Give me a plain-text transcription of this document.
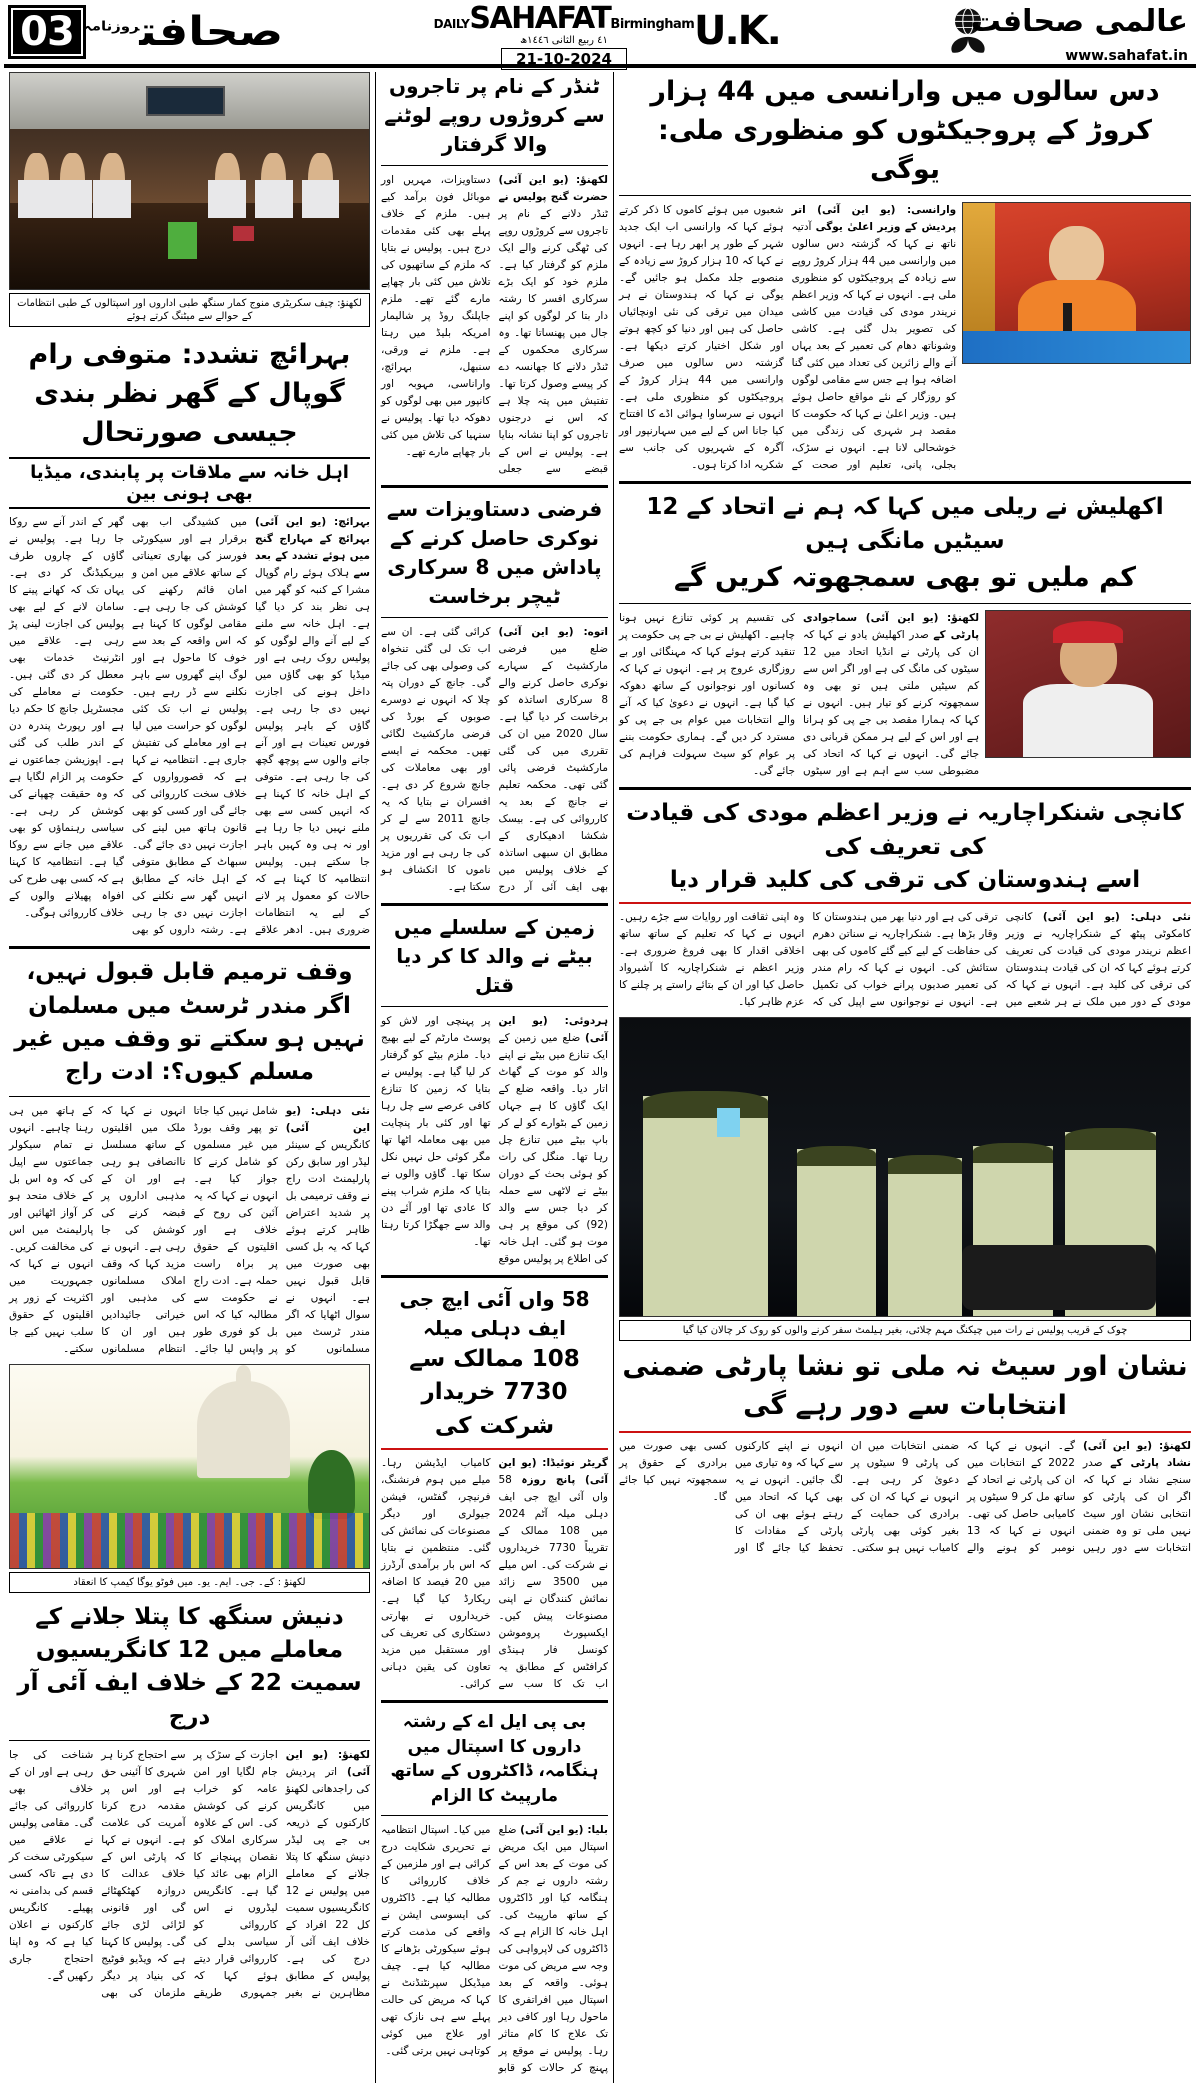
03	صحافت$^{روزنامہ}$	DAILYSAHAFATBirmingham
٤١ ربیع الثانی ١٤٤٦ھ
21-10-2024
U.K.	عالمی صحافت
www.sahafat.in
لکھنؤ: چیف سکریٹری منوج کمار سنگھ طبی اداروں اور اسپتالوں کے طبی انتظامات کے حوالے سے میٹنگ کرتے ہوئے
بہرائچ تشدد: متوفی رام گوپال کے گھر نظر بندی جیسی صورتحال
اہل خانہ سے ملاقات پر پابندی، میڈیا بھی ہونی بین
بہرائچ: (یو این آئی) بہرائچ کے مہاراج گنج میں ہوئے تشدد کے بعد سے ہلاک ہوئے رام گوپال مشرا کے کنبہ کو گھر میں ہی نظر بند کر دیا گیا ہے۔ اہل خانہ سے ملنے کے لیے آنے والے لوگوں کو پولیس روک رہی ہے اور میڈیا کو بھی گاؤں میں داخل ہونے کی اجازت نہیں دی جا رہی ہے۔ گاؤں کے باہر پولیس فورس تعینات ہے اور آنے جانے والوں سے پوچھ گچھ کی جا رہی ہے۔ متوفی کے اہل خانہ کا کہنا ہے کہ انہیں کسی سے بھی ملنے نہیں دیا جا رہا ہے اور نہ ہی وہ کہیں باہر جا سکتے ہیں۔ پولیس انتظامیہ کا کہنا ہے کہ حالات کو معمول پر لانے کے لیے یہ انتظامات ضروری ہیں۔ ادھر علاقے میں کشیدگی اب بھی برقرار ہے اور سیکورٹی فورسز کی بھاری تعیناتی کے ساتھ علاقے میں امن و امان قائم رکھنے کی کوشش کی جا رہی ہے۔ مقامی لوگوں کا کہنا ہے کہ اس واقعہ کے بعد سے خوف کا ماحول ہے اور لوگ اپنے گھروں سے باہر نکلنے سے ڈر رہے ہیں۔ پولیس نے اب تک کئی لوگوں کو حراست میں لیا ہے اور معاملے کی تفتیش جاری ہے۔ انتظامیہ نے کہا ہے کہ قصورواروں کے خلاف سخت کارروائی کی جائے گی اور کسی کو بھی قانون ہاتھ میں لینے کی اجازت نہیں دی جائے گی۔ سبھاٹ کے مطابق متوفی کے اہل خانہ کے مطابق انہیں گھر سے نکلنے کی اجازت نہیں دی جا رہی ہے۔ رشتہ داروں کو بھی گھر کے اندر آنے سے روکا جا رہا ہے۔ پولیس نے گاؤں کے چاروں طرف بیریکیڈنگ کر دی ہے۔ یہاں تک کہ کھانے پینے کا سامان لانے کے لیے بھی پولیس کی اجازت لینی پڑ رہی ہے۔ علاقے میں انٹرنیٹ خدمات بھی معطل کر دی گئی ہیں۔ حکومت نے معاملے کی مجسٹریل جانچ کا حکم دیا ہے اور رپورٹ پندرہ دن کے اندر طلب کی گئی ہے۔ اپوزیشن جماعتوں نے حکومت پر الزام لگایا ہے کہ وہ حقیقت چھپانے کی کوشش کر رہی ہے۔ سیاسی رہنماؤں کو بھی علاقے میں جانے سے روکا گیا ہے۔ انتظامیہ کا کہنا ہے کہ کسی بھی طرح کی افواہ پھیلانے والوں کے خلاف کارروائی ہوگی۔
وقف ترمیم قابل قبول نہیں، اگر مندر ٹرسٹ میں مسلمان نہیں ہو سکتے تو وقف میں غیر مسلم کیوں؟: ادت راج
نئی دہلی: (یو این آئی) کانگریس کے سینئر لیڈر اور سابق رکن پارلیمنٹ ادت راج نے وقف ترمیمی بل پر شدید اعتراض ظاہر کرتے ہوئے کہا کہ یہ بل کسی بھی صورت میں قابل قبول نہیں ہے۔ انہوں نے سوال اٹھایا کہ اگر مندر ٹرسٹ میں مسلمانوں کو شامل نہیں کیا جاتا تو پھر وقف بورڈ میں غیر مسلموں کو شامل کرنے کا جواز کیا ہے۔ انہوں نے کہا کہ یہ آئین کی روح کے خلاف ہے اور اقلیتوں کے حقوق پر براہ راست حملہ ہے۔ ادت راج نے حکومت سے مطالبہ کیا کہ اس بل کو فوری طور پر واپس لیا جائے۔ انہوں نے کہا کہ ملک میں اقلیتوں کے ساتھ مسلسل ناانصافی ہو رہی ہے اور ان کے مذہبی اداروں پر قبضہ کرنے کی کوشش کی جا رہی ہے۔ انہوں نے مزید کہا کہ وقف املاک مسلمانوں کی مذہبی اور خیراتی جائیدادیں ہیں اور ان کا انتظام مسلمانوں کے ہاتھ میں ہی رہنا چاہیے۔ انہوں نے تمام سیکولر جماعتوں سے اپیل کی کہ وہ اس بل کے خلاف متحد ہو کر آواز اٹھائیں اور پارلیمنٹ میں اس کی مخالفت کریں۔ انہوں نے کہا کہ جمہوریت میں اکثریت کے زور پر اقلیتوں کے حقوق سلب نہیں کیے جا سکتے۔
لکھنؤ : کے۔ جی۔ ایم۔ یو۔ میں فوٹو یوگا کیمپ کا انعقاد
دنیش سنگھ کا پتلا جلانے کے معاملے میں 12 کانگریسیوں سمیت 22 کے خلاف ایف آئی آر درج
لکھنؤ: (یو این آئی) اتر پردیش کی راجدھانی لکھنؤ میں کانگریس کارکنوں کے ذریعہ بی جے پی لیڈر دنیش سنگھ کا پتلا جلانے کے معاملے میں پولیس نے 12 کانگریسیوں سمیت کل 22 افراد کے خلاف ایف آئی آر درج کی ہے۔ پولیس کے مطابق مظاہرین نے بغیر اجازت کے سڑک پر جام لگایا اور امن عامہ کو خراب کرنے کی کوشش کی۔ اس کے علاوہ سرکاری املاک کو نقصان پہنچانے کا الزام بھی عائد کیا گیا ہے۔ کانگریس لیڈروں نے اس کارروائی کو سیاسی بدلے کی کارروائی قرار دیتے ہوئے کہا کہ جمہوری طریقے سے احتجاج کرنا ہر شہری کا آئینی حق ہے اور اس پر مقدمہ درج کرنا آمریت کی علامت ہے۔ انہوں نے کہا کہ پارٹی اس کے خلاف عدالت کا دروازہ کھٹکھٹائے گی اور قانونی لڑائی لڑی جائے گی۔ پولیس کا کہنا ہے کہ ویڈیو فوٹیج کی بنیاد پر دیگر ملزمان کی بھی شناخت کی جا رہی ہے اور ان کے خلاف بھی کارروائی کی جائے گی۔ مقامی پولیس نے علاقے میں سیکورٹی سخت کر دی ہے تاکہ کسی قسم کی بدامنی نہ پھیلے۔ کانگریس کارکنوں نے اعلان کیا ہے کہ وہ اپنا احتجاج جاری رکھیں گے۔
ٹنڈر کے نام پر تاجروں سے کروڑوں روپے لوٹنے والا گرفتار
لکھنؤ: (یو این آئی) حضرت گنج پولیس نے ٹنڈر دلانے کے نام پر تاجروں سے کروڑوں روپے کی ٹھگی کرنے والے ایک ملزم کو گرفتار کیا ہے۔ ملزم خود کو ایک بڑے سرکاری افسر کا رشتہ دار بتا کر لوگوں کو اپنے جال میں پھنساتا تھا۔ وہ سرکاری محکموں کے ٹنڈر دلانے کا جھانسہ دے کر پیسے وصول کرتا تھا۔ تفتیش میں پتہ چلا ہے کہ اس نے درجنوں تاجروں کو اپنا نشانہ بنایا ہے۔ پولیس نے اس کے قبضے سے جعلی دستاویزات، مہریں اور موبائل فون برآمد کیے ہیں۔ ملزم کے خلاف پہلے بھی کئی مقدمات درج ہیں۔ پولیس نے بتایا کہ ملزم کے ساتھیوں کی تلاش میں کئی بار چھاپے مارے گئے تھے۔ ملزم جاپلنگ روڈ پر شالیمار امریکہ بلیڈ میں رہتا ہے۔ ملزم نے ورقی، سنبھل، بہرائچ، واراناسی، مہوبہ اور کانپور میں بھی لوگوں کو دھوکہ دیا تھا۔ پولیس نے سنہیا کی تلاش میں کئی بار چھاپے مارے تھے۔
فرضی دستاویزات سے نوکری حاصل کرنے کے پاداش میں 8 سرکاری ٹیچر برخاست
اتوه: (یو این آئی) ضلع میں فرضی مارکشیٹ کے سہارے نوکری حاصل کرنے والے 8 سرکاری اساتذہ کو برخاست کر دیا گیا ہے۔ سال 2020 میں ان کی تقرری میں کی گئی مارکشیٹ فرضی پائی گئی تھی۔ محکمہ تعلیم نے جانچ کے بعد یہ کارروائی کی ہے۔ بیسک شکشا ادھیکاری کے مطابق ان سبھی اساتذہ کے خلاف پولیس میں بھی ایف آئی آر درج کرائی گئی ہے۔ ان سے اب تک لی گئی تنخواہ کی وصولی بھی کی جائے گی۔ جانچ کے دوران پتہ چلا کہ انہوں نے دوسرے صوبوں کے بورڈ کی فرضی مارکشیٹ لگائی تھیں۔ محکمہ نے ایسے اور بھی معاملات کی جانچ شروع کر دی ہے۔ افسران نے بتایا کہ یہ جانچ 2011 سے لے کر اب تک کی تقرریوں پر کی جا رہی ہے اور مزید ناموں کا انکشاف ہو سکتا ہے۔
زمین کے سلسلے میں بیٹے نے والد کا کر دیا قتل
ہردوئی: (یو این آئی) ضلع میں زمین کے ایک تنازع میں بیٹے نے اپنے والد کو موت کے گھاٹ اتار دیا۔ واقعہ ضلع کے ایک گاؤں کا ہے جہاں زمین کے بٹوارے کو لے کر باپ بیٹے میں تنازع چل رہا تھا۔ منگل کی رات کو ہوئی بحث کے دوران بیٹے نے لاٹھی سے حملہ کر دیا جس سے والد (92) کی موقع پر ہی موت ہو گئی۔ اہل خانہ کی اطلاع پر پولیس موقع پر پہنچی اور لاش کو پوسٹ مارٹم کے لیے بھیج دیا۔ ملزم بیٹے کو گرفتار کر لیا گیا ہے۔ پولیس نے بتایا کہ زمین کا تنازع کافی عرصے سے چل رہا تھا اور کئی بار پنچایت میں بھی معاملہ اٹھا تھا مگر کوئی حل نہیں نکل سکا تھا۔ گاؤں والوں نے بتایا کہ ملزم شراب پینے کا عادی تھا اور آئے دن والد سے جھگڑا کرتا رہتا تھا۔
58 واں آئی ایچ جی ایف دہلی میلہ
108 ممالک سے 7730 خریدار شرکت کی
گریٹر نوئیڈا: (یو این آئی) پانچ روزہ 58 واں آئی ایچ جی ایف دہلی میلہ آٹم 2024 میں 108 ممالک کے تقریباً 7730 خریداروں نے شرکت کی۔ اس میلے میں 3500 سے زائد نمائش کنندگان نے اپنی مصنوعات پیش کیں۔ ایکسپورٹ پروموشن کونسل فار ہینڈی کرافٹس کے مطابق یہ اب تک کا سب سے کامیاب ایڈیشن رہا۔ میلے میں ہوم فرنشنگ، فرنیچر، گفٹس، فیشن جیولری اور دیگر مصنوعات کی نمائش کی گئی۔ منتظمین نے بتایا کہ اس بار برآمدی آرڈرز میں 20 فیصد کا اضافہ ریکارڈ کیا گیا ہے۔ خریداروں نے بھارتی دستکاری کی تعریف کی اور مستقبل میں مزید تعاون کی یقین دہانی کرائی۔
بی پی ایل اے کے رشتہ داروں کا اسپتال میں ہنگامہ، ڈاکٹروں کے ساتھ مارپیٹ کا الزام
بلیا: (یو این آئی) ضلع اسپتال میں ایک مریض کی موت کے بعد اس کے رشتہ داروں نے جم کر ہنگامہ کیا اور ڈاکٹروں کے ساتھ مارپیٹ کی۔ اہل خانہ کا الزام ہے کہ ڈاکٹروں کی لاپرواہی کی وجہ سے مریض کی موت ہوئی۔ واقعہ کے بعد اسپتال میں افراتفری کا ماحول رہا اور کافی دیر تک علاج کا کام متاثر رہا۔ پولیس نے موقع پر پہنچ کر حالات کو قابو میں کیا۔ اسپتال انتظامیہ نے تحریری شکایت درج کرائی ہے اور ملزمین کے خلاف کارروائی کا مطالبہ کیا ہے۔ ڈاکٹروں کی ایسوسی ایشن نے واقعے کی مذمت کرتے ہوئے سیکورٹی بڑھانے کا مطالبہ کیا ہے۔ چیف میڈیکل سپرنٹنڈنٹ نے کہا کہ مریض کی حالت پہلے سے ہی نازک تھی اور علاج میں کوئی کوتاہی نہیں برتی گئی۔
دس سالوں میں وارانسی میں 44 ہزار کروڑ کے پروجیکٹوں کو منظوری ملی: یوگی
وارانسی: (یو این آئی) اتر پردیش کے وزیر اعلیٰ یوگی آدتیہ ناتھ نے کہا کہ گزشتہ دس سالوں میں وارانسی میں 44 ہزار کروڑ روپے سے زیادہ کے پروجیکٹوں کو منظوری ملی ہے۔ انہوں نے کہا کہ وزیر اعظم نریندر مودی کی قیادت میں کاشی کی تصویر بدل گئی ہے۔ کاشی وشوناتھ دھام کی تعمیر کے بعد یہاں آنے والے زائرین کی تعداد میں کئی گنا اضافہ ہوا ہے جس سے مقامی لوگوں کو روزگار کے نئے مواقع حاصل ہوئے ہیں۔ وزیر اعلیٰ نے کہا کہ حکومت کا مقصد ہر شہری کی زندگی میں خوشحالی لانا ہے۔ انہوں نے سڑک، بجلی، پانی، تعلیم اور صحت کے شعبوں میں ہوئے کاموں کا ذکر کرتے ہوئے کہا کہ وارانسی اب ایک جدید شہر کے طور پر ابھر رہا ہے۔ انہوں نے کہا کہ 10 ہزار کروڑ سے زیادہ کے منصوبے جلد مکمل ہو جائیں گے۔ یوگی نے کہا کہ ہندوستان نے ہر میدان میں ترقی کی نئی اونچائیاں حاصل کی ہیں اور دنیا کو کچھ ہوتے اور شکل اختیار کرتے دیکھا ہے۔ گزشتہ دس سالوں میں صرف وارانسی میں 44 ہزار کروڑ کے پروجیکٹوں کو منظوری ملی ہے۔ انہوں نے سرساوا ہوائی اڈے کا افتتاح کیا جانا اس کے لیے میں سہارنپور اور آگرہ کے شہریوں کی جانب سے شکریہ ادا کرتا ہوں۔
اکھلیش نے ریلی میں کہا کہ ہم نے اتحاد کے 12 سیٹیں مانگی ہیں
کم ملیں تو بھی سمجھوتہ کریں گے
لکھنؤ: (یو این آئی) سماجوادی پارٹی کے صدر اکھلیش یادو نے کہا کہ ان کی پارٹی نے انڈیا اتحاد میں 12 سیٹوں کی مانگ کی ہے اور اگر اس سے کم سیٹیں ملتی ہیں تو بھی وہ سمجھوتہ کرنے کو تیار ہیں۔ انہوں نے کہا کہ ہمارا مقصد بی جے پی کو ہرانا ہے اور اس کے لیے ہر ممکن قربانی دی جائے گی۔ انہوں نے کہا کہ اتحاد کی مضبوطی سب سے اہم ہے اور سیٹوں کی تقسیم پر کوئی تنازع نہیں ہونا چاہیے۔ اکھلیش نے بی جے پی حکومت پر تنقید کرتے ہوئے کہا کہ مہنگائی اور بے روزگاری عروج پر ہے۔ انہوں نے کہا کہ کسانوں اور نوجوانوں کے ساتھ دھوکہ کیا گیا ہے۔ انہوں نے دعویٰ کیا کہ آنے والے انتخابات میں عوام بی جے پی کو مسترد کر دیں گے۔ ہماری حکومت بننے پر عوام کو سیٹ سہولت فراہم کی جائے گی۔
کانچی شنکراچاریہ نے وزیر اعظم مودی کی قیادت کی تعریف کی
اسے ہندوستان کی ترقی کی کلید قرار دیا
نئی دہلی: (یو این آئی) کانچی کامکوٹی پیٹھ کے شنکراچاریہ نے وزیر اعظم نریندر مودی کی قیادت کی تعریف کرتے ہوئے کہا کہ ان کی قیادت ہندوستان کی ترقی کی کلید ہے۔ انہوں نے کہا کہ مودی کے دور میں ملک نے ہر شعبے میں ترقی کی ہے اور دنیا بھر میں ہندوستان کا وقار بڑھا ہے۔ شنکراچاریہ نے سناتن دھرم کی حفاظت کے لیے کیے گئے کاموں کی بھی ستائش کی۔ انہوں نے کہا کہ رام مندر کی تعمیر صدیوں پرانے خواب کی تکمیل ہے۔ انہوں نے نوجوانوں سے اپیل کی کہ وہ اپنی ثقافت اور روایات سے جڑے رہیں۔ انہوں نے کہا کہ تعلیم کے ساتھ ساتھ اخلاقی اقدار کا بھی فروغ ضروری ہے۔ وزیر اعظم نے شنکراچاریہ کا آشیرواد حاصل کیا اور ان کے بتائے راستے پر چلنے کا عزم ظاہر کیا۔
چوک کے قریب پولیس نے رات میں چیکنگ مہم چلائی، بغیر ہیلمٹ سفر کرنے والوں کو روک کر چالان کیا گیا
نشان اور سیٹ نہ ملی تو نشا پارٹی ضمنی انتخابات سے دور رہے گی
لکھنؤ: (یو این آئی) نشاد پارٹی کے صدر سنجے نشاد نے کہا کہ اگر ان کی پارٹی کو انتخابی نشان اور سیٹ نہیں ملی تو وہ ضمنی انتخابات سے دور رہیں گے۔ انہوں نے کہا کہ 2022 کے انتخابات میں ان کی پارٹی نے اتحاد کے ساتھ مل کر 9 سیٹوں پر کامیابی حاصل کی تھی۔ انہوں نے کہا کہ 13 نومبر کو ہونے والے ضمنی انتخابات میں ان کی پارٹی 9 سیٹوں پر دعویٰ کر رہی ہے۔ انہوں نے کہا کہ ان کی برادری کی حمایت کے بغیر کوئی بھی پارٹی کامیاب نہیں ہو سکتی۔ انہوں نے اپنے کارکنوں سے کہا کہ وہ تیاری میں لگ جائیں۔ انہوں نے یہ بھی کہا کہ اتحاد میں رہتے ہوئے بھی ان کی پارٹی کے مفادات کا تحفظ کیا جائے گا اور کسی بھی صورت میں برادری کے حقوق پر سمجھوتہ نہیں کیا جائے گا۔
